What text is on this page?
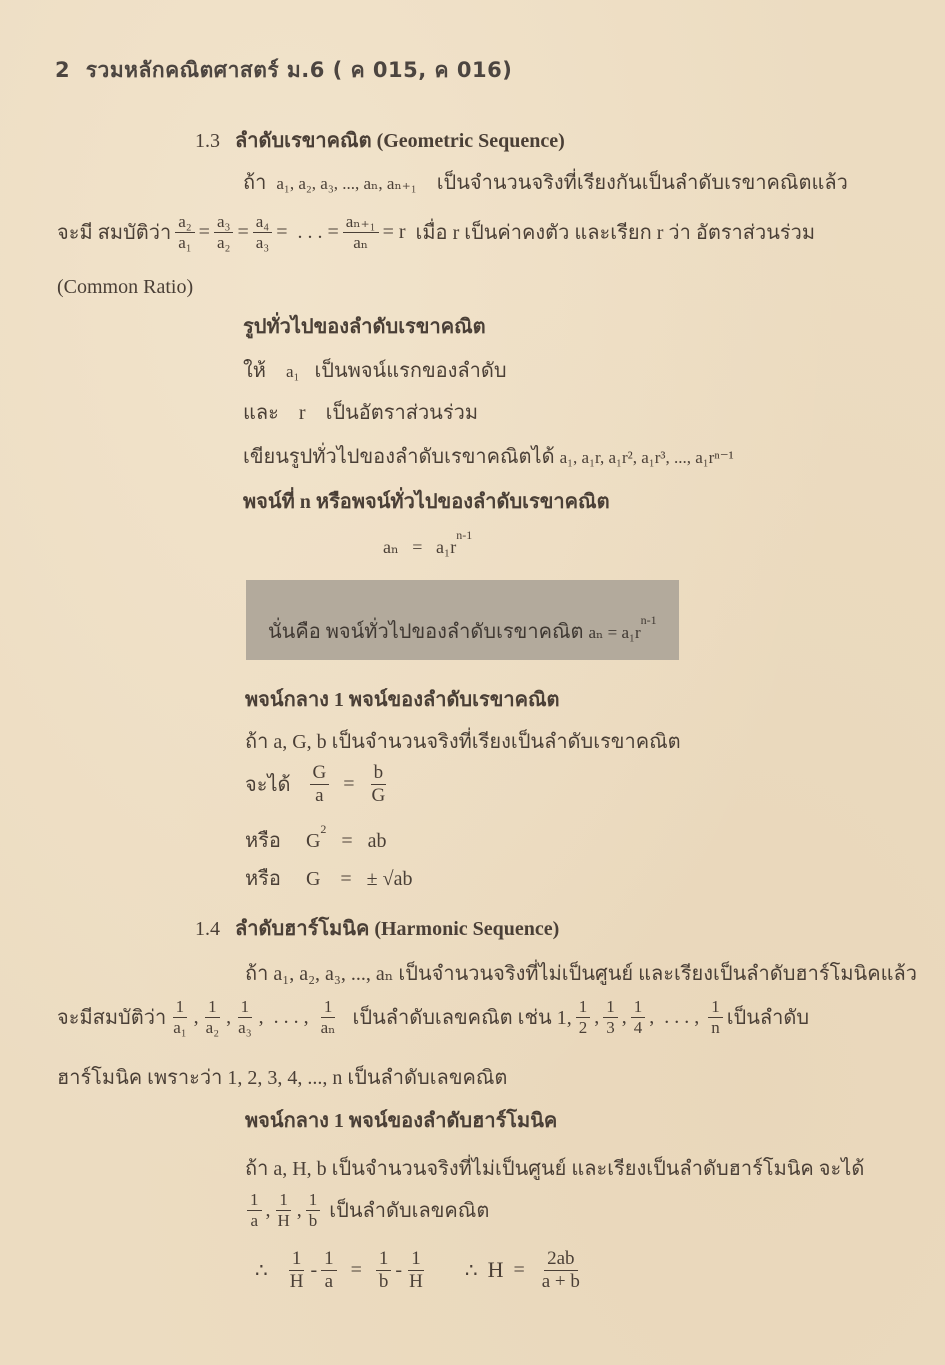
2 รวมหลักคณิตศาสตร์ ม.6 ( ค 015, ค 016)
1.3 ลำดับเรขาคณิต (Geometric Sequence)
ถ้า a₁, a₂, a₃, ..., aₙ, aₙ₊₁ เป็นจำนวนจริงที่เรียงกันเป็นลำดับเรขาคณิตแล้ว
จะมี สมบัติว่า $\frac{\text{a₂}}{\text{a₁}} = \frac{\text{a₃}}{\text{a₂}} = \frac{\text{a₄}}{\text{a₃}}$ =
. . .
= $\frac{\text{aₙ₊₁}}{\text{aₙ}} = r$
เมื่อ r เป็นค่าคงตัว และเรียก r ว่า อัตราส่วนร่วม
(Common Ratio)
รูปทั่วไปของลำดับเรขาคณิต
ให้ a₁ เป็นพจน์แรกของลำดับ
และ r เป็นอัตราส่วนร่วม
เขียนรูปทั่วไปของลำดับเรขาคณิตได้ a₁, a₁r, a₁r², a₁r³, ..., a₁rⁿ⁻¹
พจน์ที่ n หรือพจน์ทั่วไปของลำดับเรขาคณิต
$a_n = a_1r^{n-1}$
นั่นคือ พจน์ทั่วไปของลำดับเรขาคณิต $a_n = a_1r^{n-1}$
พจน์กลาง 1 พจน์ของลำดับเรขาคณิต
ถ้า a, G, b เป็นจำนวนจริงที่เรียงเป็นลำดับเรขาคณิต
จะได้
$\frac{G}{a} = \frac{b}{G}$
หรือ $G^2$   =   ab
หรือ G    =   ± √ab
1.4 ลำดับฮาร์โมนิค (Harmonic Sequence)
ถ้า a₁, a₂, a₃, ..., aₙ เป็นจำนวนจริงที่ไม่เป็นศูนย์ และเรียงเป็นลำดับฮาร์โมนิคแล้ว
จะมีสมบัติว่า $\frac{1}{\text{a₁}}$ , $\frac{1}{\text{a₂}}$ , $\frac{1}{\text{a₃}}$ ,  . . . , $\frac{1}{\text{aₙ}}$
เป็นลำดับเลขคณิต เช่น 1, $\frac{1}{2}$ , $\frac{1}{3}$ , $\frac{1}{4}$ ,  . . . , $\frac{1}{n}$ เป็นลำดับ
ฮาร์โมนิค เพราะว่า 1, 2, 3, 4, ..., n เป็นลำดับเลขคณิต
พจน์กลาง 1 พจน์ของลำดับฮาร์โมนิค
ถ้า a, H, b เป็นจำนวนจริงที่ไม่เป็นศูนย์ และเรียงเป็นลำดับฮาร์โมนิค จะได้
$\frac{1}{a}$ , $\frac{1}{H}$ , $\frac{1}{b}$
เป็นลำดับเลขคณิต
∴
$\frac{1}{H} - \frac{1}{a}$
=
$\frac{1}{b} - \frac{1}{H}$
∴
H
=
$\frac{2ab}{a + b}$
